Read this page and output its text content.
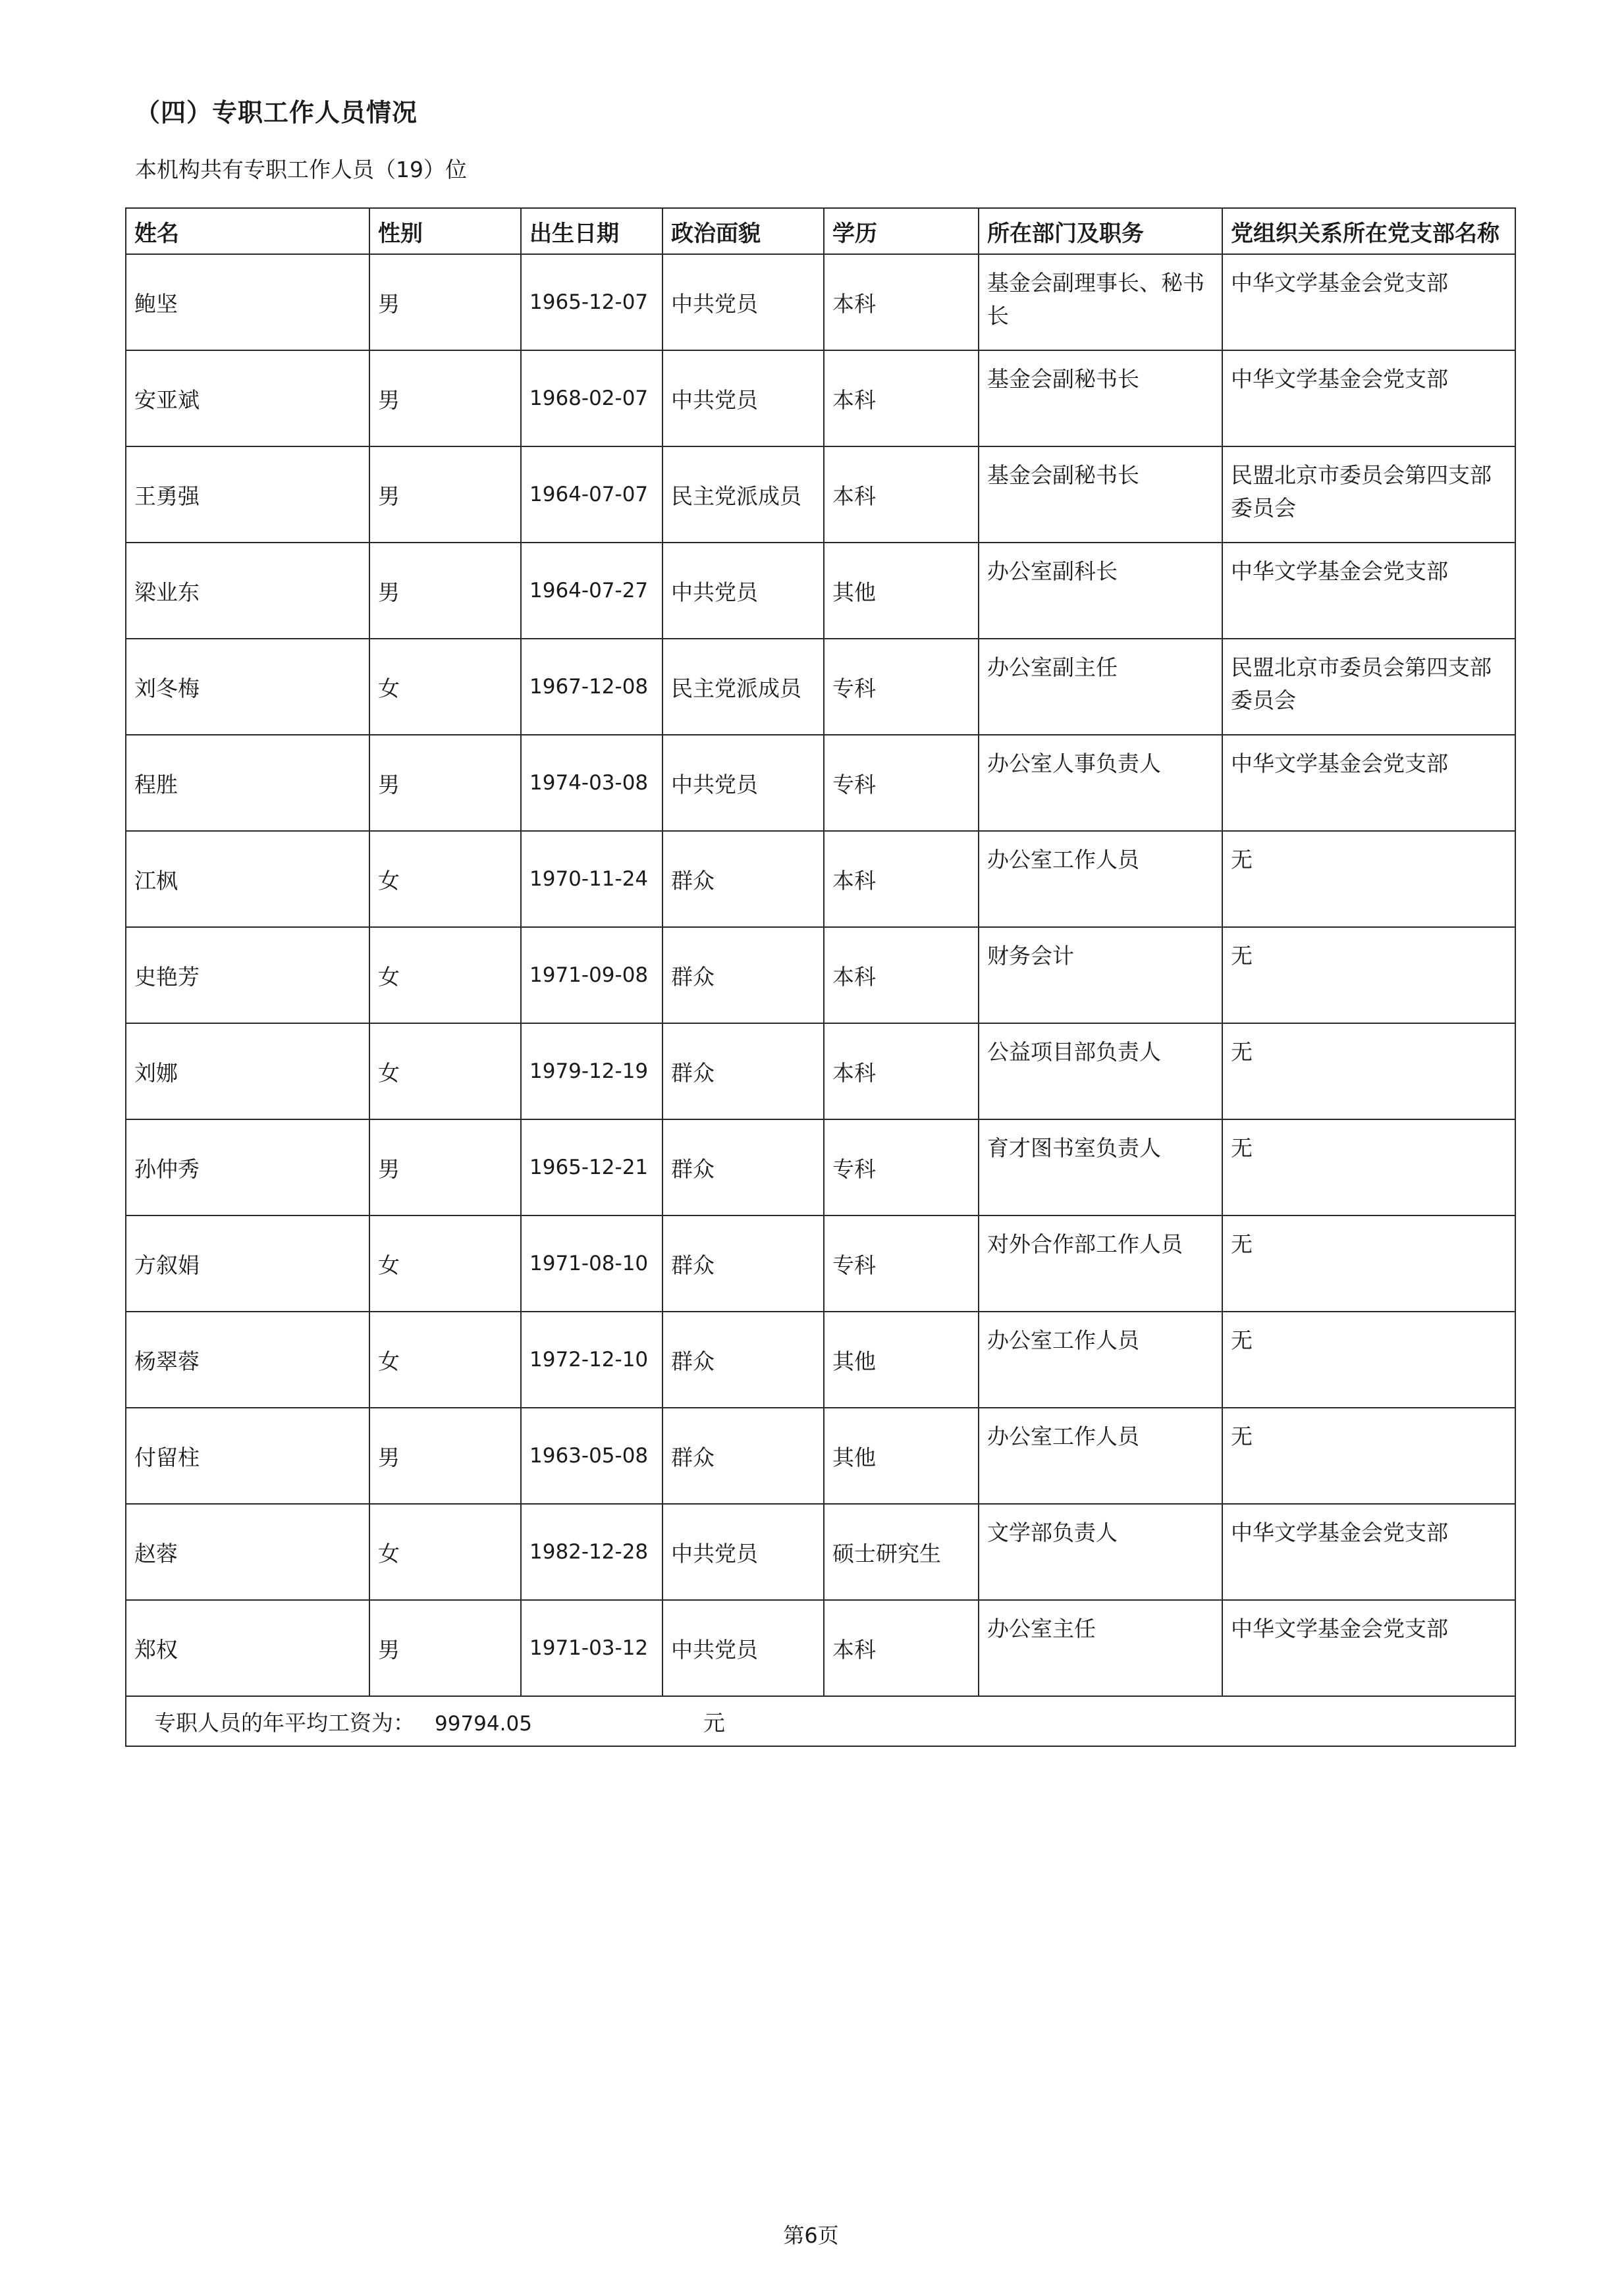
（四）专职工作人员情况
本机构共有专职工作人员（19）位
姓名	性别	出生日期	政治面貌	学历	所在部门及职务	党组织关系所在党支部名称
鲍坚	男	1965-12-07	中共党员	本科	基金会副理事长、秘书长	中华文学基金会党支部
安亚斌	男	1968-02-07	中共党员	本科	基金会副秘书长	中华文学基金会党支部
王勇强	男	1964-07-07	民主党派成员	本科	基金会副秘书长	民盟北京市委员会第四支部委员会
梁业东	男	1964-07-27	中共党员	其他	办公室副科长	中华文学基金会党支部
刘冬梅	女	1967-12-08	民主党派成员	专科	办公室副主任	民盟北京市委员会第四支部委员会
程胜	男	1974-03-08	中共党员	专科	办公室人事负责人	中华文学基金会党支部
江枫	女	1970-11-24	群众	本科	办公室工作人员	无
史艳芳	女	1971-09-08	群众	本科	财务会计	无
刘娜	女	1979-12-19	群众	本科	公益项目部负责人	无
孙仲秀	男	1965-12-21	群众	专科	育才图书室负责人	无
方叙娟	女	1971-08-10	群众	专科	对外合作部工作人员	无
杨翠蓉	女	1972-12-10	群众	其他	办公室工作人员	无
付留柱	男	1963-05-08	群众	其他	办公室工作人员	无
赵蓉	女	1982-12-28	中共党员	硕士研究生	文学部负责人	中华文学基金会党支部
郑权	男	1971-03-12	中共党员	本科	办公室主任	中华文学基金会党支部
专职人员的年平均工资为： 99794.05 元						
第6页
